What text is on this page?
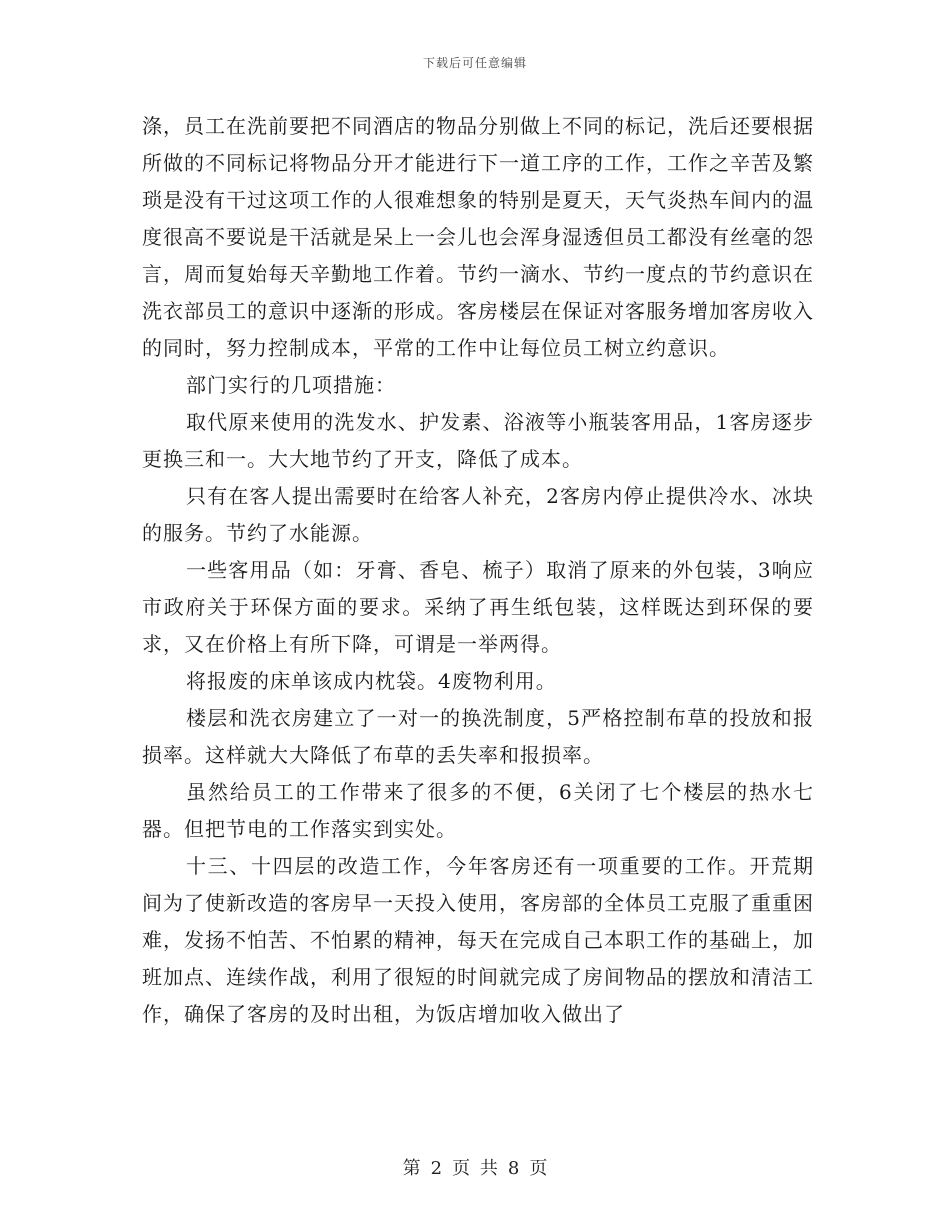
下载后可任意编辑

涤，员工在洗前要把不同酒店的物品分别做上不同的标记，洗后还要根据所做的不同标记将物品分开才能进行下一道工序的工作，工作之辛苦及繁琐是没有干过这项工作的人很难想象的特别是夏天，天气炎热车间内的温度很高不要说是干活就是呆上一会儿也会浑身湿透但员工都没有丝毫的怨言，周而复始每天辛勤地工作着。节约一滴水、节约一度点的节约意识在洗衣部员工的意识中逐渐的形成。客房楼层在保证对客服务增加客房收入的同时，努力控制成本，平常的工作中让每位员工树立约意识。

部门实行的几项措施：

取代原来使用的洗发水、护发素、浴液等小瓶装客用品，1客房逐步更换三和一。大大地节约了开支，降低了成本。

只有在客人提出需要时在给客人补充，2客房内停止提供冷水、冰块的服务。节约了水能源。

一些客用品（如：牙膏、香皂、梳子）取消了原来的外包装，3响应市政府关于环保方面的要求。采纳了再生纸包装，这样既达到环保的要求，又在价格上有所下降，可谓是一举两得。

将报废的床单该成内枕袋。4废物利用。

楼层和洗衣房建立了一对一的换洗制度，5严格控制布草的投放和报损率。这样就大大降低了布草的丢失率和报损率。

虽然给员工的工作带来了很多的不便，6关闭了七个楼层的热水七器。但把节电的工作落实到实处。

十三、十四层的改造工作，今年客房还有一项重要的工作。开荒期间为了使新改造的客房早一天投入使用，客房部的全体员工克服了重重困难，发扬不怕苦、不怕累的精神，每天在完成自己本职工作的基础上，加班加点、连续作战，利用了很短的时间就完成了房间物品的摆放和清洁工作，确保了客房的及时出租，为饭店增加收入做出了

第 2 页 共 8 页
